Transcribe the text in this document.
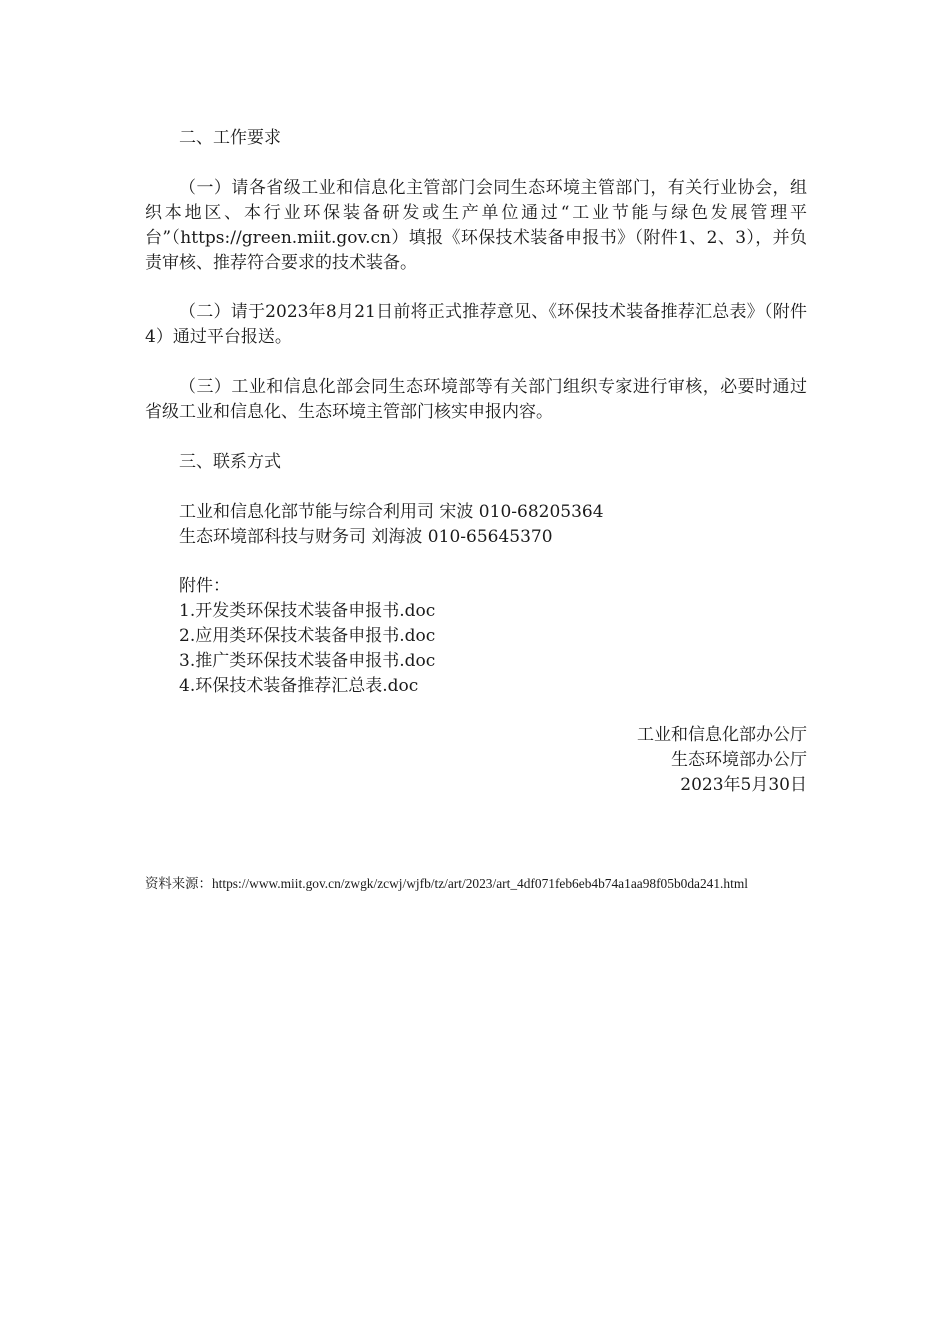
二、工作要求
（一）请各省级工业和信息化主管部门会同生态环境主管部门，有关行业协会，组织本地区、本行业环保装备研发或生产单位通过“工业节能与绿色发展管理平台”（https://green.miit.gov.cn）填报《环保技术装备申报书》（附件1、2、3），并负责审核、推荐符合要求的技术装备。
（二）请于2023年8月21日前将正式推荐意见、《环保技术装备推荐汇总表》（附件4）通过平台报送。
（三）工业和信息化部会同生态环境部等有关部门组织专家进行审核，必要时通过省级工业和信息化、生态环境主管部门核实申报内容。
三、联系方式
工业和信息化部节能与综合利用司 宋波 010-68205364
生态环境部科技与财务司 刘海波 010-65645370
附件：
1.开发类环保技术装备申报书.doc
2.应用类环保技术装备申报书.doc
3.推广类环保技术装备申报书.doc
4.环保技术装备推荐汇总表.doc
工业和信息化部办公厅
生态环境部办公厅
2023年5月30日
资料来源：https://www.miit.gov.cn/zwgk/zcwj/wjfb/tz/art/2023/art_4df071feb6eb4b74a1aa98f05b0da241.html
